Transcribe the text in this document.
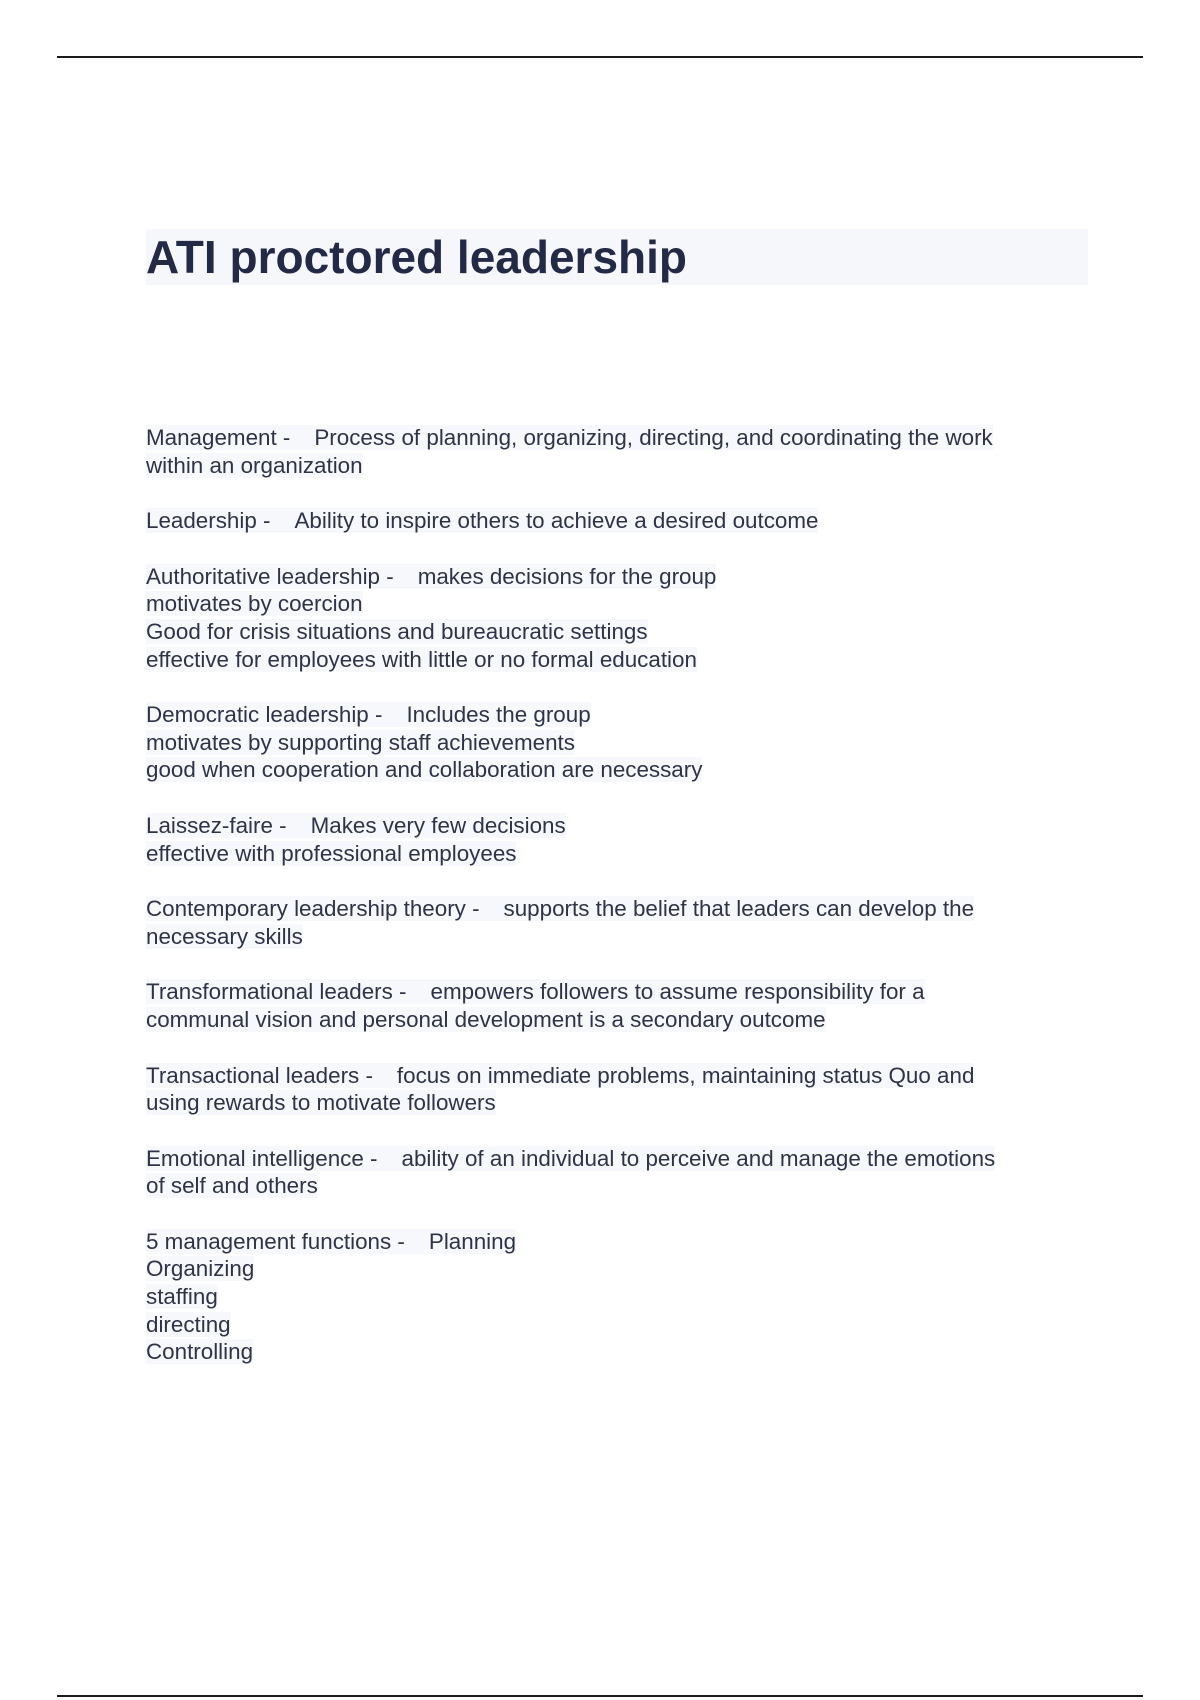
ATI proctored leadership

Management - Process of planning, organizing, directing, and coordinating the work
within an organization

Leadership - Ability to inspire others to achieve a desired outcome

Authoritative leadership - makes decisions for the group
motivates by coercion
Good for crisis situations and bureaucratic settings
effective for employees with little or no formal education

Democratic leadership - Includes the group
motivates by supporting staff achievements
good when cooperation and collaboration are necessary

Laissez-faire - Makes very few decisions
effective with professional employees

Contemporary leadership theory - supports the belief that leaders can develop the
necessary skills

Transformational leaders - empowers followers to assume responsibility for a
communal vision and personal development is a secondary outcome

Transactional leaders - focus on immediate problems, maintaining status Quo and
using rewards to motivate followers

Emotional intelligence - ability of an individual to perceive and manage the emotions
of self and others

5 management functions - Planning
Organizing
staffing
directing
Controlling
